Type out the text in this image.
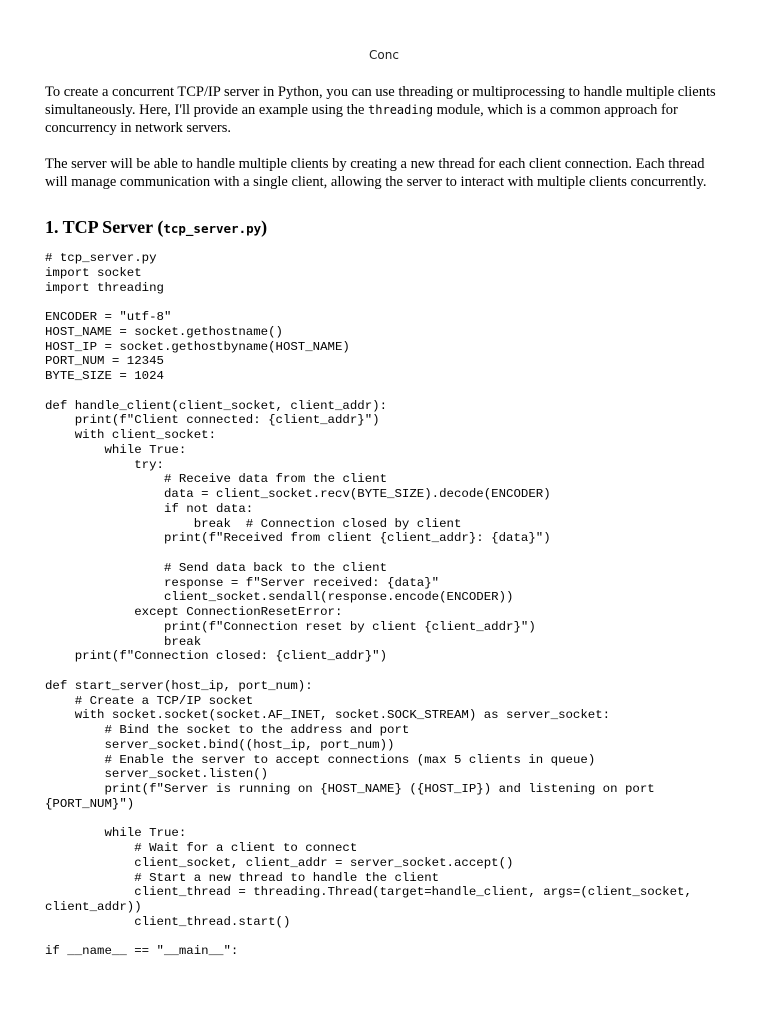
Conc

To create a concurrent TCP/IP server in Python, you can use threading or multiprocessing to handle multiple clients simultaneously. Here, I'll provide an example using the threading module, which is a common approach for concurrency in network servers.

The server will be able to handle multiple clients by creating a new thread for each client connection. Each thread will manage communication with a single client, allowing the server to interact with multiple clients concurrently.

1. TCP Server (tcp_server.py)
# tcp_server.py
import socket
import threading

ENCODER = "utf-8"
HOST_NAME = socket.gethostname()
HOST_IP = socket.gethostbyname(HOST_NAME)
PORT_NUM = 12345
BYTE_SIZE = 1024

def handle_client(client_socket, client_addr):
print(f"Client connected: {client_addr}")
with client_socket:
while True:
try:
# Receive data from the client
data = client_socket.recv(BYTE_SIZE).decode(ENCODER)
if not data:
break  # Connection closed by client
print(f"Received from client {client_addr}: {data}")

# Send data back to the client
response = f"Server received: {data}"
client_socket.sendall(response.encode(ENCODER))
except ConnectionResetError:
print(f"Connection reset by client {client_addr}")
break
print(f"Connection closed: {client_addr}")

def start_server(host_ip, port_num):
# Create a TCP/IP socket
with socket.socket(socket.AF_INET, socket.SOCK_STREAM) as server_socket:
# Bind the socket to the address and port
server_socket.bind((host_ip, port_num))
# Enable the server to accept connections (max 5 clients in queue)
server_socket.listen()
print(f"Server is running on {HOST_NAME} ({HOST_IP}) and listening on port
{PORT_NUM}")

while True:
# Wait for a client to connect
client_socket, client_addr = server_socket.accept()
# Start a new thread to handle the client
client_thread = threading.Thread(target=handle_client, args=(client_socket,
client_addr))
client_thread.start()

if __name__ == "__main__":
